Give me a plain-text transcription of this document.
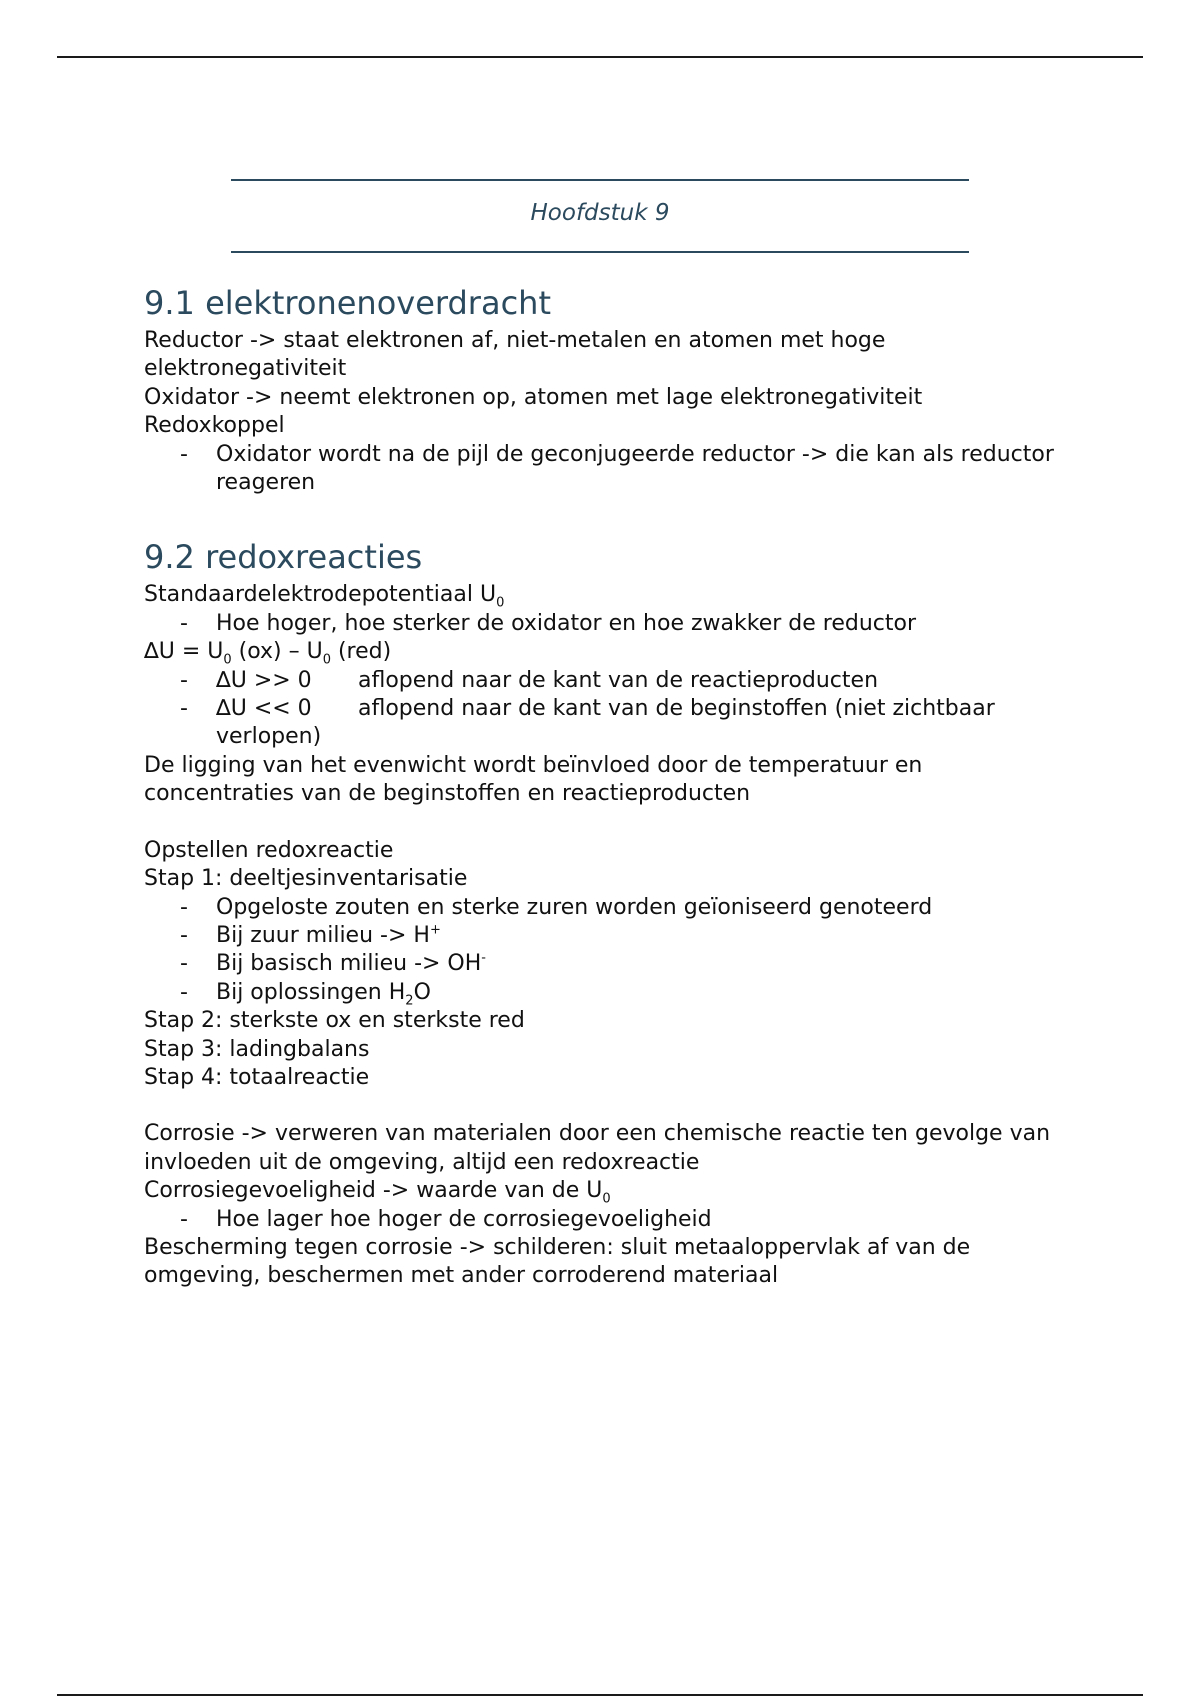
Hoofdstuk 9
9.1 elektronenoverdracht

Reductor -> staat elektronen af, niet-metalen en atomen met hoge elektronegativiteit

Oxidator -> neemt elektronen op, atomen met lage elektronegativiteit

Redoxkoppel

- Oxidator wordt na de pijl de geconjugeerde reductor -> die kan als reductor reageren

9.2 redoxreacties

Standaardelektrodepotentiaal $U_0$

- Hoe hoger, hoe sterker de oxidator en hoe zwakker de reductor

$\Delta U = U_0$ $(ox) - U_0$ (red)

- ∆U >> 0 aflopend naar de kant van de reactieproducten

- ∆U << 0 aflopend naar de kant van de beginstoffen (niet zichtbaar verlopen)

De ligging van het evenwicht wordt beïnvloed door de temperatuur en concentraties van de beginstoffen en reactieproducten

Opstellen redoxreactie

Stap 1: deeltjesinventarisatie

- Opgeloste zouten en sterke zuren worden geïoniseerd genoteerd

- Bij zuur milieu -> H+

- Bij basisch milieu -> OH-

- Bij oplossingen $H_2O$

Stap 2: sterkste ox en sterkste red

Stap 3: ladingbalans

Stap 4: totaalreactie

Corrosie -> verweren van materialen door een chemische reactie ten gevolge van invloeden uit de omgeving, altijd een redoxreactie

Corrosiegevoeligheid -> waarde van de $U_0$

- Hoe lager hoe hoger de corrosiegevoeligheid

Bescherming tegen corrosie -> schilderen: sluit metaaloppervlak af van de omgeving, beschermen met ander corroderend materiaal
